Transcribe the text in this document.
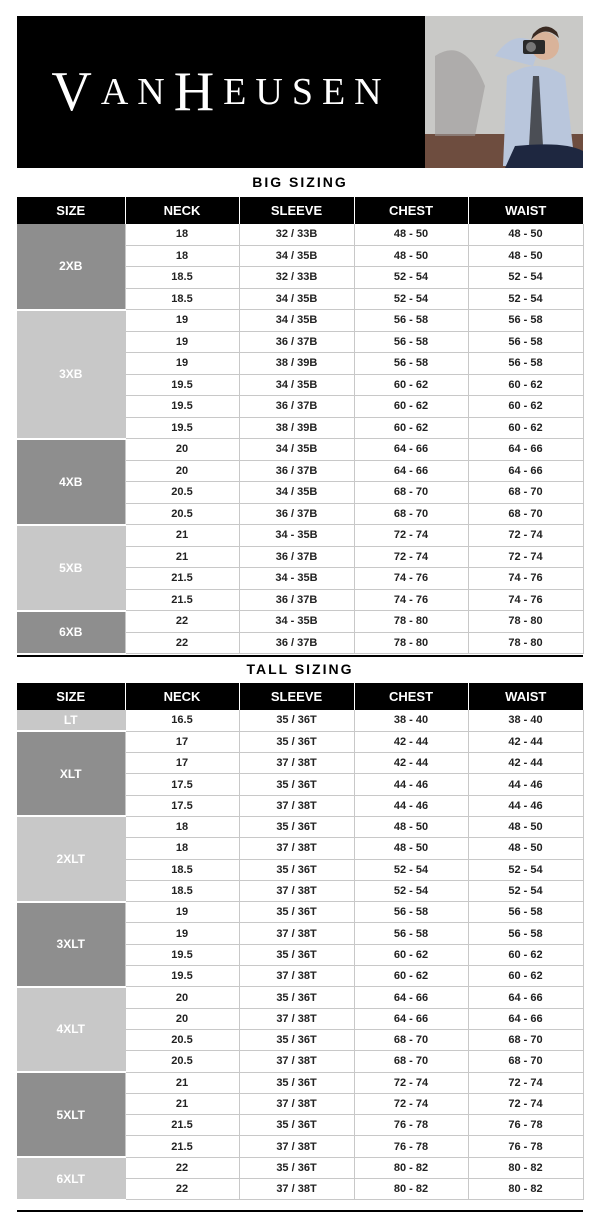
V AN H EUSEN
BIG SIZING
SIZE	NECK	SLEEVE	CHEST	WAIST
2XB	18	32 / 33B	48 - 50	48 - 50
	18	34 / 35B	48 - 50	48 - 50
	18.5	32 / 33B	52 - 54	52 - 54
	18.5	34 / 35B	52 - 54	52 - 54
3XB	19	34 / 35B	56 - 58	56 - 58
	19	36 / 37B	56 - 58	56 - 58
	19	38 / 39B	56 - 58	56 - 58
	19.5	34 / 35B	60 - 62	60 - 62
	19.5	36 / 37B	60 - 62	60 - 62
	19.5	38 / 39B	60 - 62	60 - 62
4XB	20	34 / 35B	64 - 66	64 - 66
	20	36 / 37B	64 - 66	64 - 66
	20.5	34 / 35B	68 - 70	68 - 70
	20.5	36 / 37B	68 - 70	68 - 70
5XB	21	34 - 35B	72 - 74	72 - 74
	21	36 / 37B	72 - 74	72 - 74
	21.5	34 - 35B	74 - 76	74 - 76
	21.5	36 / 37B	74 - 76	74 - 76
6XB	22	34 - 35B	78 - 80	78 - 80
	22	36 / 37B	78 - 80	78 - 80
TALL SIZING
SIZE	NECK	SLEEVE	CHEST	WAIST
LT	16.5	35 / 36T	38 - 40	38 - 40
XLT	17	35 / 36T	42 - 44	42 - 44
	17	37 / 38T	42 - 44	42 - 44
	17.5	35 / 36T	44 - 46	44 - 46
	17.5	37 / 38T	44 - 46	44 - 46
2XLT	18	35 / 36T	48 - 50	48 - 50
	18	37 / 38T	48 - 50	48 - 50
	18.5	35 / 36T	52 - 54	52 - 54
	18.5	37 / 38T	52 - 54	52 - 54
3XLT	19	35 / 36T	56 - 58	56 - 58
	19	37 / 38T	56 - 58	56 - 58
	19.5	35 / 36T	60 - 62	60 - 62
	19.5	37 / 38T	60 - 62	60 - 62
4XLT	20	35 / 36T	64 - 66	64 - 66
	20	37 / 38T	64 - 66	64 - 66
	20.5	35 / 36T	68 - 70	68 - 70
	20.5	37 / 38T	68 - 70	68 - 70
5XLT	21	35 / 36T	72 - 74	72 - 74
	21	37 / 38T	72 - 74	72 - 74
	21.5	35 / 36T	76 - 78	76 - 78
	21.5	37 / 38T	76 - 78	76 - 78
6XLT	22	35 / 36T	80 - 82	80 - 82
	22	37 / 38T	80 - 82	80 - 82
